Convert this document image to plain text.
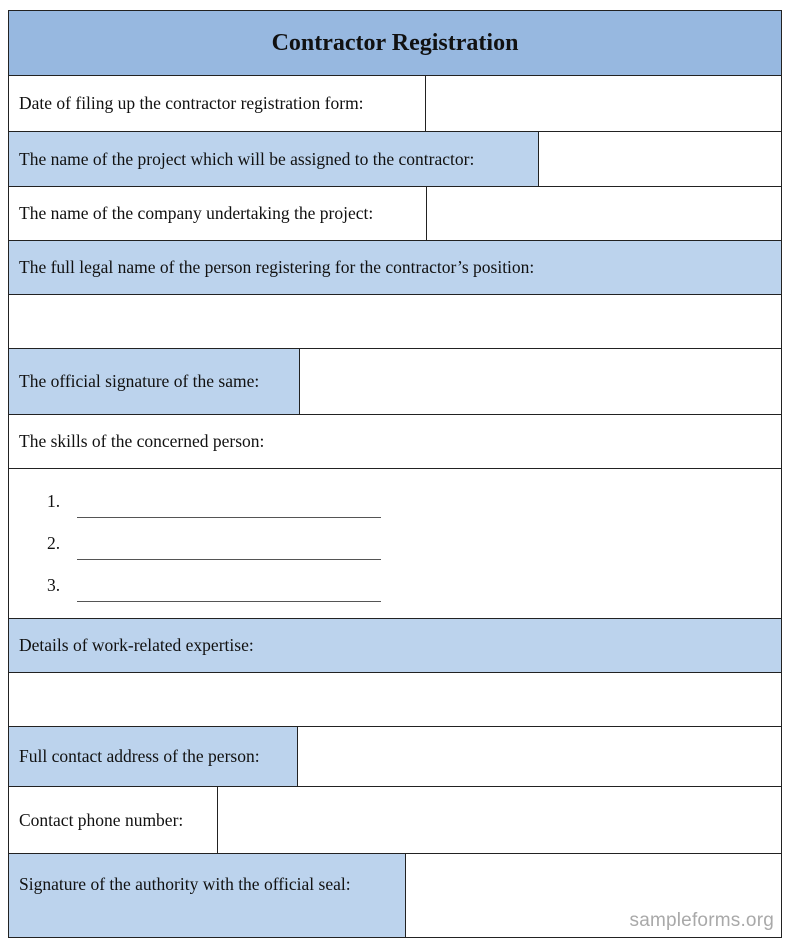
Contractor Registration
Date of filing up the contractor registration form:
The name of the project which will be assigned to the contractor:
The name of the company undertaking the project:
The full legal name of the person registering for the contractor’s position:
The official signature of the same:
The skills of the concerned person:
1.
2.
3.
Details of work-related expertise:
Full contact address of the person:
Contact phone number:
Signature of the authority with the official seal:
sampleforms.org
